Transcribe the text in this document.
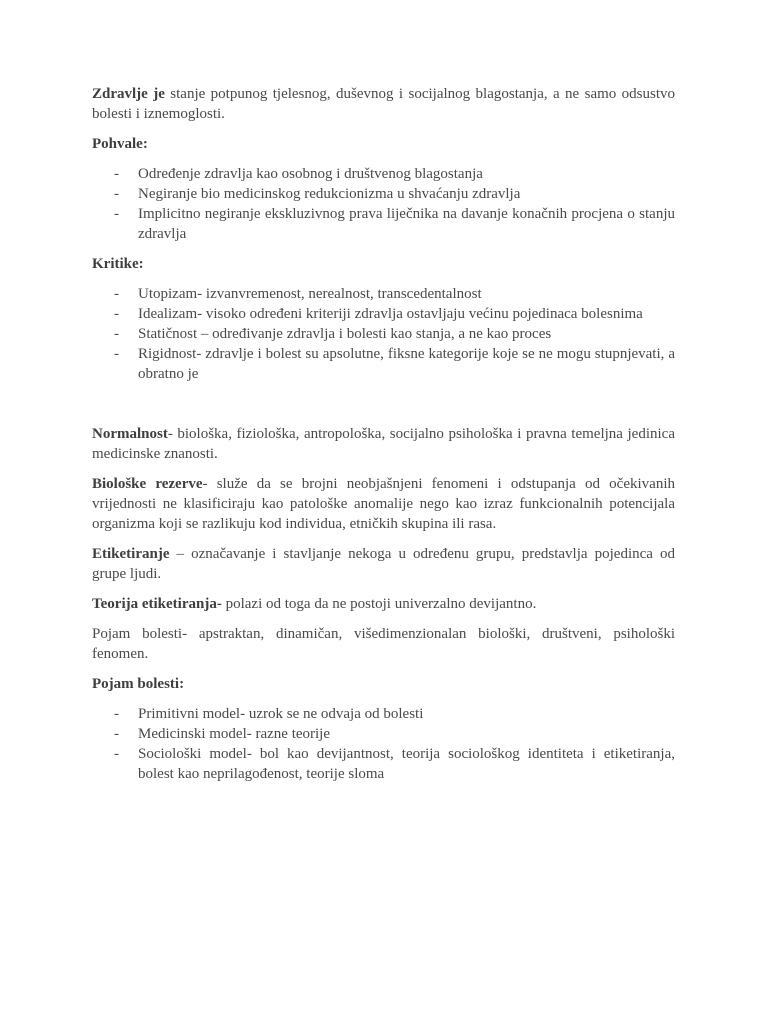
Zdravlje je stanje potpunog tjelesnog, duševnog i socijalnog blagostanja, a ne samo odsustvo bolesti i iznemoglosti.

Pohvale:

- Određenje zdravlja kao osobnog i društvenog blagostanja
- Negiranje bio medicinskog redukcionizma u shvaćanju zdravlja
- Implicitno negiranje ekskluzivnog prava liječnika na davanje konačnih procjena o stanju zdravlja

Kritike:

- Utopizam- izvanvremenost, nerealnost, transcedentalnost
- Idealizam- visoko određeni kriteriji zdravlja ostavljaju većinu pojedinaca bolesnima
- Statičnost – određivanje zdravlja i bolesti kao stanja, a ne kao proces
- Rigidnost- zdravlje i bolest su apsolutne, fiksne kategorije koje se ne mogu stupnjevati, a obratno je

Normalnost- biološka, fiziološka, antropološka, socijalno psihološka i pravna temeljna jedinica medicinske znanosti.

Biološke rezerve- služe da se brojni neobjašnjeni fenomeni i odstupanja od očekivanih vrijednosti ne klasificiraju kao patološke anomalije nego kao izraz funkcionalnih potencijala organizma koji se razlikuju kod individua, etničkih skupina ili rasa.

Etiketiranje – označavanje i stavljanje nekoga u određenu grupu, predstavlja pojedinca od grupe ljudi.

Teorija etiketiranja- polazi od toga da ne postoji univerzalno devijantno.

Pojam bolesti- apstraktan, dinamičan, višedimenzionalan biološki, društveni, psihološki fenomen.

Pojam bolesti:

- Primitivni model- uzrok se ne odvaja od bolesti
- Medicinski model- razne teorije
- Sociološki model- bol kao devijantnost, teorija sociološkog identiteta i etiketiranja, bolest kao neprilagođenost, teorije sloma
